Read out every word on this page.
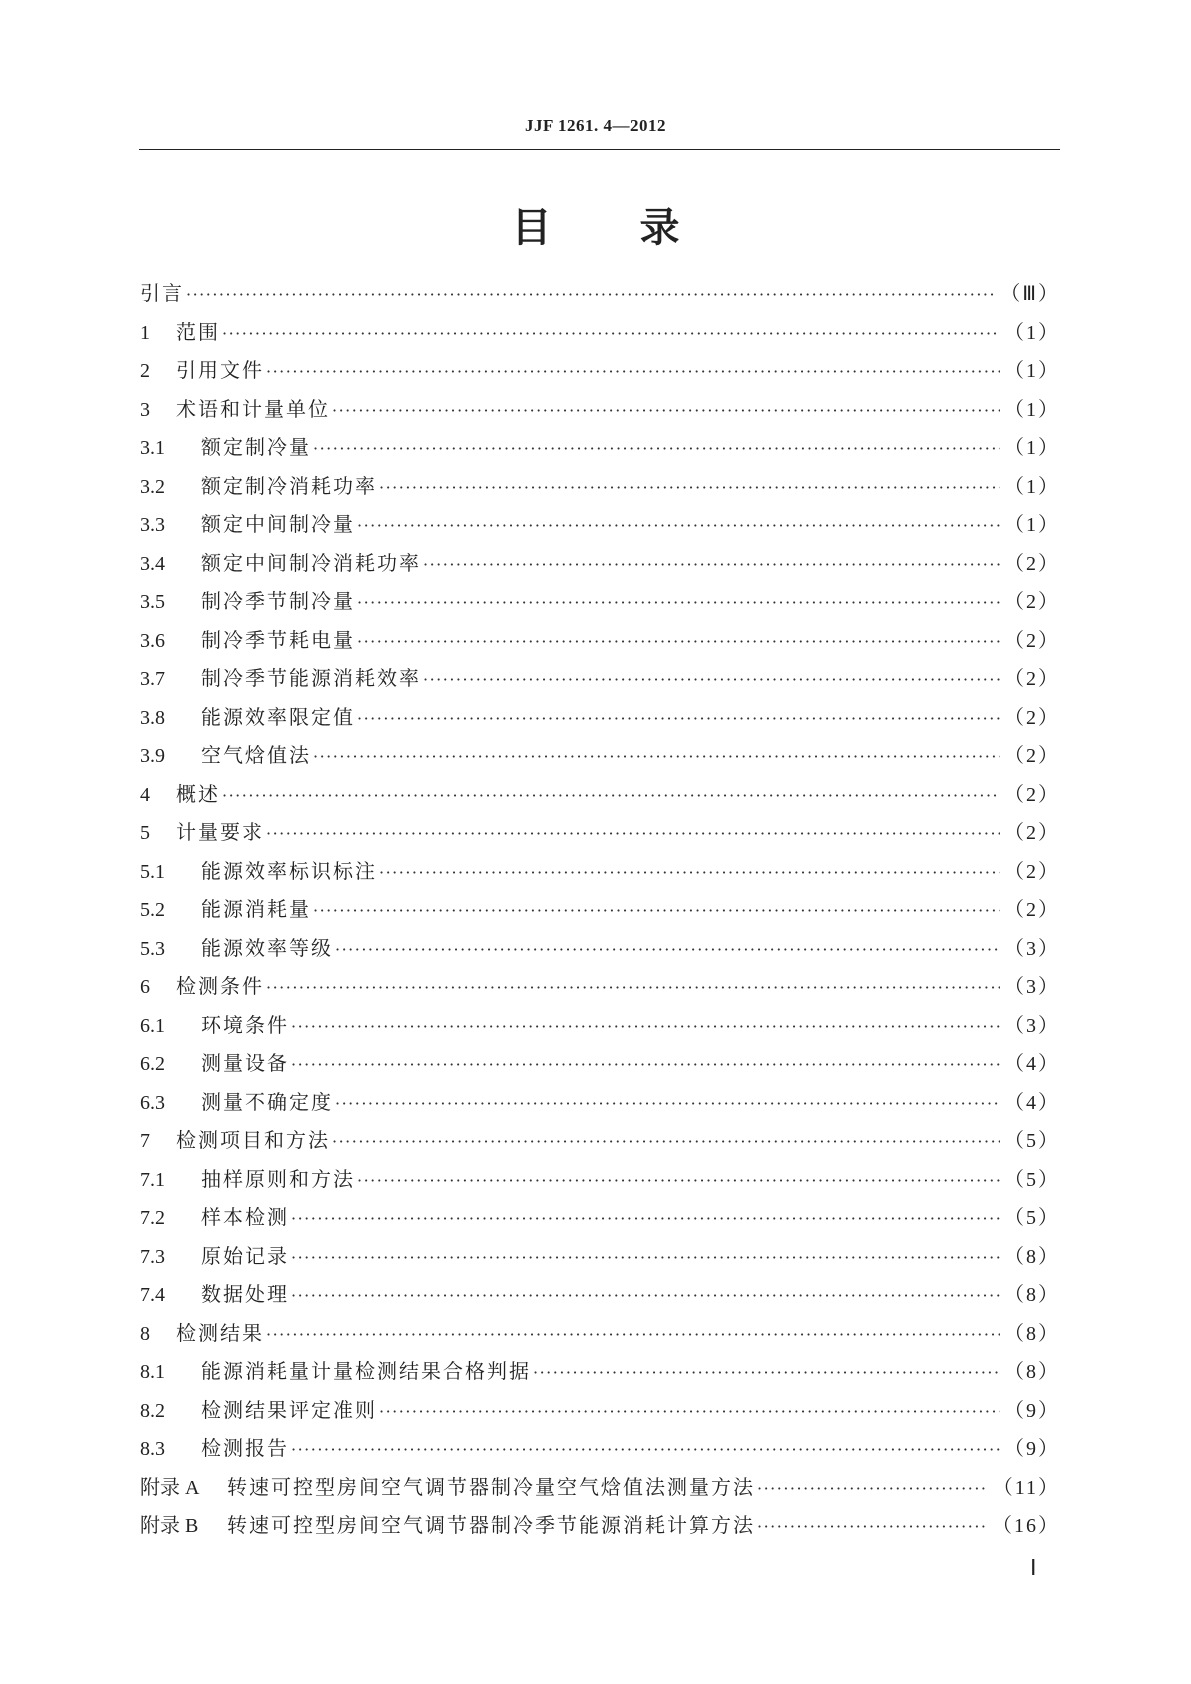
JJF 1261. 4—2012
目 录
引言 ·····	（Ⅲ）
1	范围 ·····	（1）
2	引用文件 ·····	（1）
3	术语和计量单位 ·····	（1）
3.1	额定制冷量 ·····	（1）
3.2	额定制冷消耗功率 ·····	（1）
3.3	额定中间制冷量 ·····	（1）
3.4	额定中间制冷消耗功率 ·····	（2）
3.5	制冷季节制冷量 ·····	（2）
3.6	制冷季节耗电量 ·····	（2）
3.7	制冷季节能源消耗效率 ·····	（2）
3.8	能源效率限定值 ·····	（2）
3.9	空气焓值法 ·····	（2）
4	概述 ·····	（2）
5	计量要求 ·····	（2）
5.1	能源效率标识标注 ·····	（2）
5.2	能源消耗量 ·····	（2）
5.3	能源效率等级 ·····	（3）
6	检测条件 ·····	（3）
6.1	环境条件 ·····	（3）
6.2	测量设备 ·····	（4）
6.3	测量不确定度 ·····	（4）
7	检测项目和方法 ·····	（5）
7.1	抽样原则和方法 ·····	（5）
7.2	样本检测 ·····	（5）
7.3	原始记录 ·····	（8）
7.4	数据处理 ·····	（8）
8	检测结果 ·····	（8）
8.1	能源消耗量计量检测结果合格判据 ·····	（8）
8.2	检测结果评定准则 ·····	（9）
8.3	检测报告 ·····	（9）
附录 A	转速可控型房间空气调节器制冷量空气焓值法测量方法 ·····	（11）
附录 B	转速可控型房间空气调节器制冷季节能源消耗计算方法 ·····	（16）
Ⅰ
